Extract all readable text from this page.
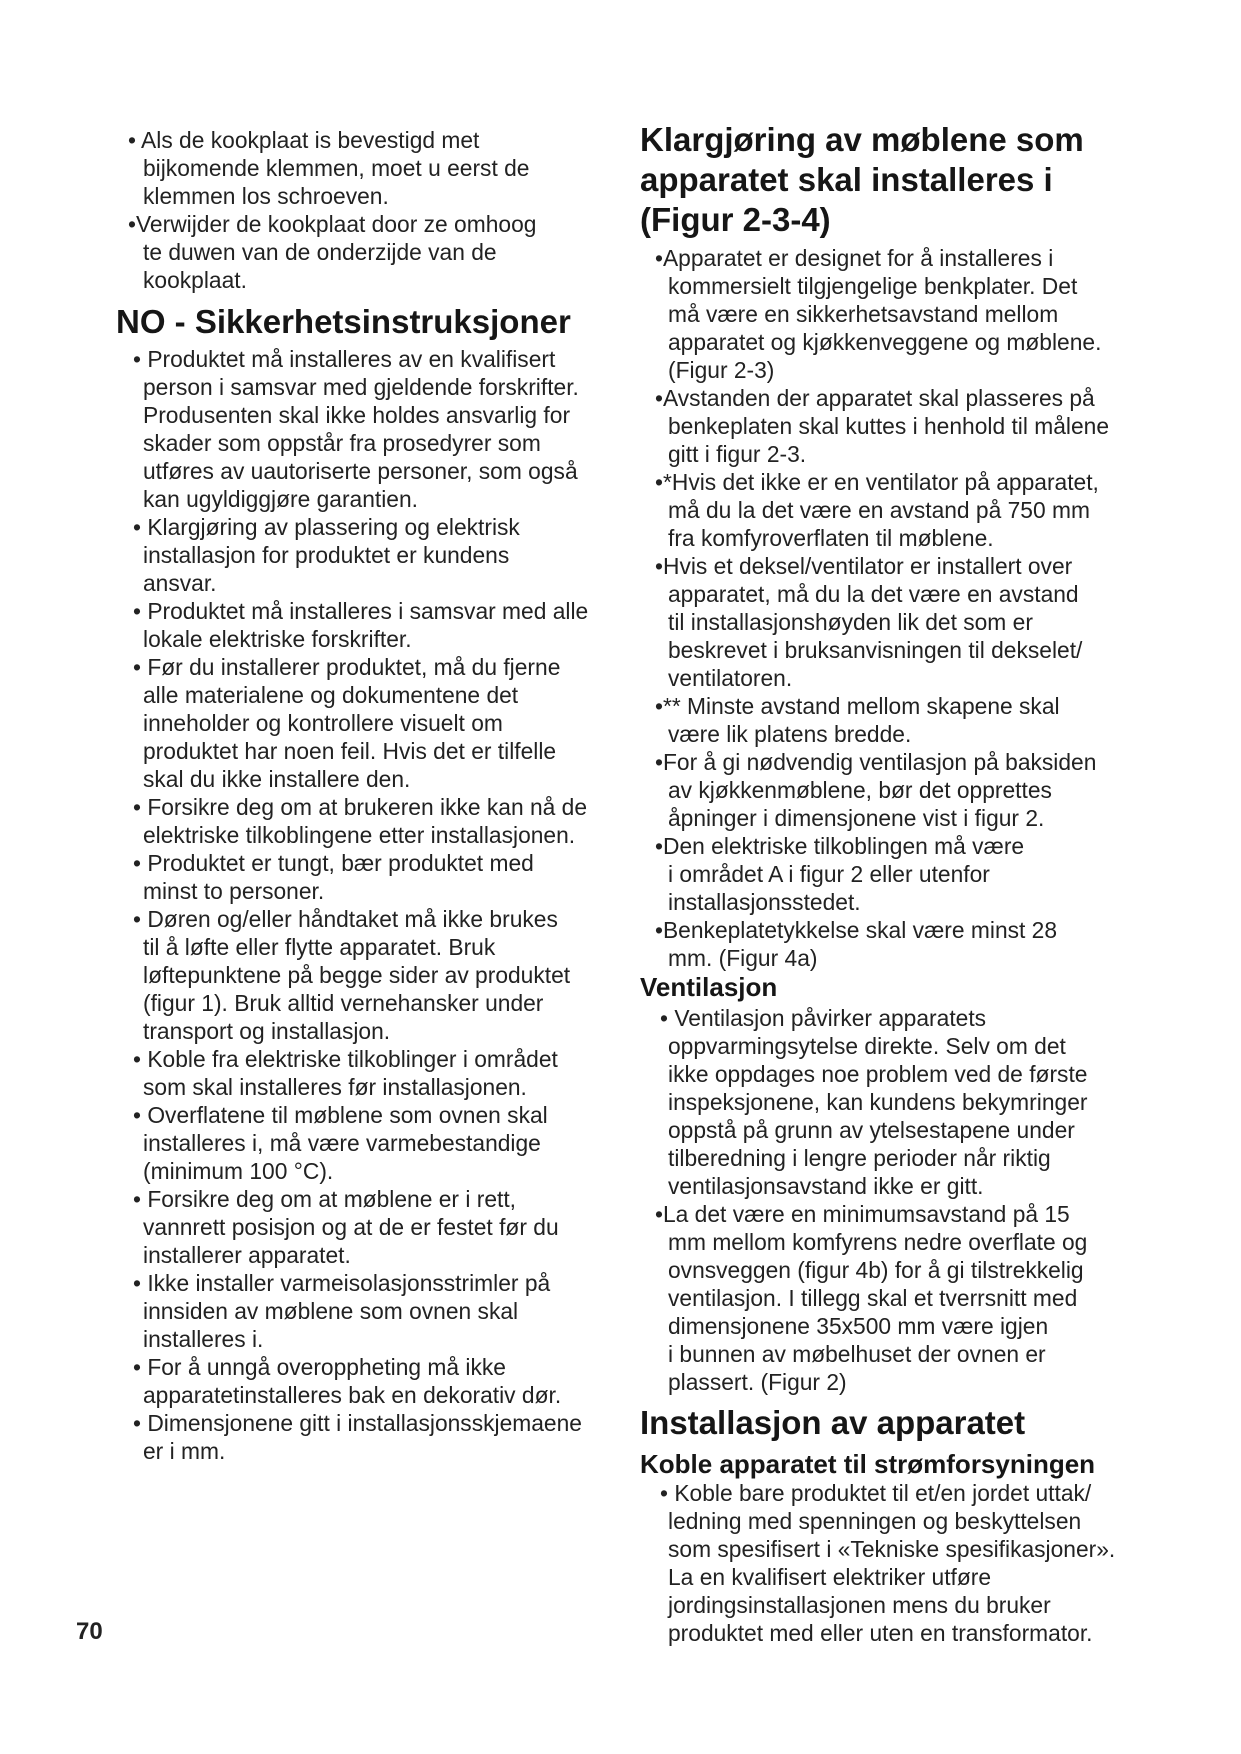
• Als de kookplaat is bevestigd met
bijkomende klemmen, moet u eerst de
klemmen los schroeven.
•Verwijder de kookplaat door ze omhoog
te duwen van de onderzijde van de
kookplaat.
NO - Sikkerhetsinstruksjoner
• Produktet må installeres av en kvalifisert
person i samsvar med gjeldende forskrifter.
Produsenten skal ikke holdes ansvarlig for
skader som oppstår fra prosedyrer som
utføres av uautoriserte personer, som også
kan ugyldiggjøre garantien.
• Klargjøring av plassering og elektrisk
installasjon for produktet er kundens
ansvar.
• Produktet må installeres i samsvar med alle
lokale elektriske forskrifter.
• Før du installerer produktet, må du fjerne
alle materialene og dokumentene det
inneholder og kontrollere visuelt om
produktet har noen feil. Hvis det er tilfelle
skal du ikke installere den.
• Forsikre deg om at brukeren ikke kan nå de
elektriske tilkoblingene etter installasjonen.
• Produktet er tungt, bær produktet med
minst to personer.
• Døren og/eller håndtaket må ikke brukes
til å løfte eller flytte apparatet. Bruk
løftepunktene på begge sider av produktet
(figur 1). Bruk alltid vernehansker under
transport og installasjon.
• Koble fra elektriske tilkoblinger i området
som skal installeres før installasjonen.
• Overflatene til møblene som ovnen skal
installeres i, må være varmebestandige
(minimum 100 °C).
• Forsikre deg om at møblene er i rett,
vannrett posisjon og at de er festet før du
installerer apparatet.
• Ikke installer varmeisolasjonsstrimler på
innsiden av møblene som ovnen skal
installeres i.
• For å unngå overoppheting må ikke
apparatetinstalleres bak en dekorativ dør.
• Dimensjonene gitt i installasjonsskjemaene
er i mm.
Klargjøring av møblene som
apparatet skal installeres i
(Figur 2-3-4)
•Apparatet er designet for å installeres i
kommersielt tilgjengelige benkplater. Det
må være en sikkerhetsavstand mellom
apparatet og kjøkkenveggene og møblene.
(Figur 2-3)
•Avstanden der apparatet skal plasseres på
benkeplaten skal kuttes i henhold til målene
gitt i figur 2-3.
•*Hvis det ikke er en ventilator på apparatet,
må du la det være en avstand på 750 mm
fra komfyroverflaten til møblene.
•Hvis et deksel/ventilator er installert over
apparatet, må du la det være en avstand
til installasjonshøyden lik det som er
beskrevet i bruksanvisningen til dekselet/
ventilatoren.
•** Minste avstand mellom skapene skal
være lik platens bredde.
•For å gi nødvendig ventilasjon på baksiden
av kjøkkenmøblene, bør det opprettes
åpninger i dimensjonene vist i figur 2.
•Den elektriske tilkoblingen må være
i området A i figur 2 eller utenfor
installasjonsstedet.
•Benkeplatetykkelse skal være minst 28
mm. (Figur 4a)
Ventilasjon
• Ventilasjon påvirker apparatets
oppvarmingsytelse direkte. Selv om det
ikke oppdages noe problem ved de første
inspeksjonene, kan kundens bekymringer
oppstå på grunn av ytelsestapene under
tilberedning i lengre perioder når riktig
ventilasjonsavstand ikke er gitt.
•La det være en minimumsavstand på 15
mm mellom komfyrens nedre overflate og
ovnsveggen (figur 4b) for å gi tilstrekkelig
ventilasjon. I tillegg skal et tverrsnitt med
dimensjonene 35x500 mm være igjen
i bunnen av møbelhuset der ovnen er
plassert. (Figur 2)
Installasjon av apparatet
Koble apparatet til strømforsyningen
• Koble bare produktet til et/en jordet uttak/
ledning med spenningen og beskyttelsen
som spesifisert i «Tekniske spesifikasjoner».
La en kvalifisert elektriker utføre
jordingsinstallasjonen mens du bruker
produktet med eller uten en transformator.
70
